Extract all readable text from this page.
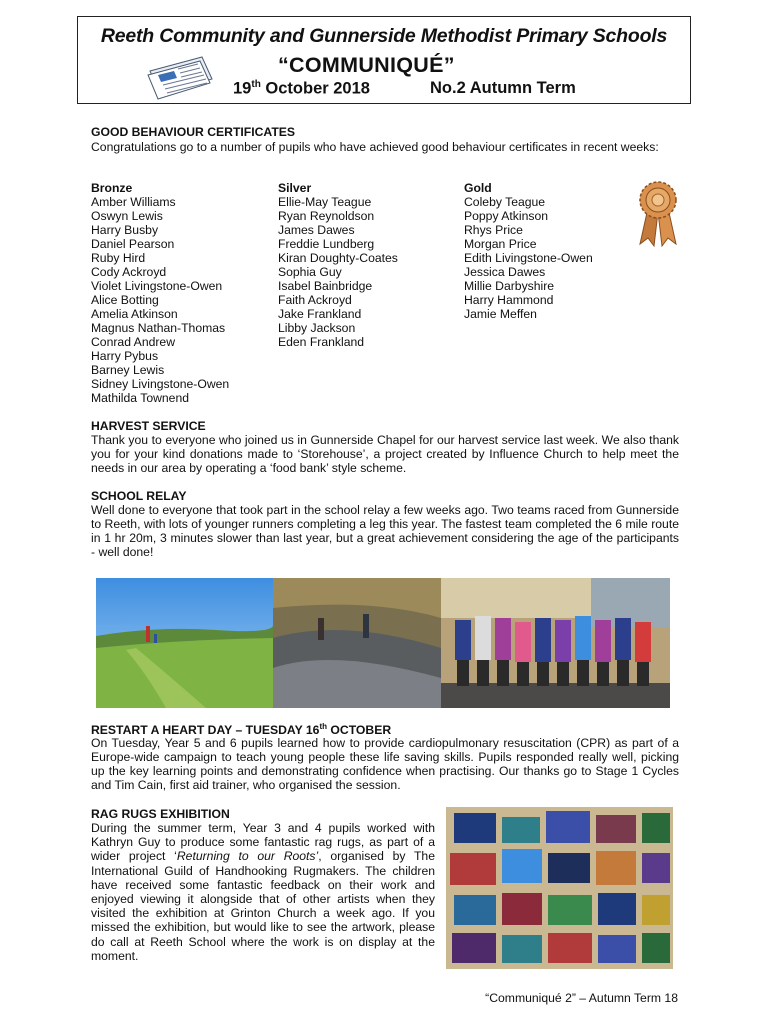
Reeth Community and Gunnerside Methodist Primary Schools
“COMMUNIQUÉ”
19th October 2018	No.2 Autumn Term
GOOD BEHAVIOUR CERTIFICATES

Congratulations go to a number of pupils who have achieved good behaviour certificates in recent weeks:

Bronze
Amber Williams
Oswyn Lewis
Harry Busby
Daniel Pearson
Ruby Hird
Cody Ackroyd
Violet Livingstone-Owen
Alice Botting
Amelia Atkinson
Magnus Nathan-Thomas
Conrad Andrew
Harry Pybus
Barney Lewis
Sidney Livingstone-Owen
Mathilda Townend
Silver
Ellie-May Teague
Ryan Reynoldson
James Dawes
Freddie Lundberg
Kiran Doughty-Coates
Sophia Guy
Isabel Bainbridge
Faith Ackroyd
Jake Frankland
Libby Jackson
Eden Frankland
Gold
Coleby Teague
Poppy Atkinson
Rhys Price
Morgan Price
Edith Livingstone-Owen
Jessica Dawes
Millie Darbyshire
Harry Hammond
Jamie Meffen
HARVEST SERVICE

Thank you to everyone who joined us in Gunnerside Chapel for our harvest service last week. We also thank you for your kind donations made to ‘Storehouse’, a project created by Influence Church to help meet the needs in our area by operating a ‘food bank’ style scheme.

SCHOOL RELAY

Well done to everyone that took part in the school relay a few weeks ago. Two teams raced from Gunnerside to Reeth, with lots of younger runners completing a leg this year. The fastest team completed the 6 mile route in 1 hr 20m, 3 minutes slower than last year, but a great achievement considering the age of the participants - well done!

RESTART A HEART DAY – TUESDAY 16th OCTOBER

On Tuesday, Year 5 and 6 pupils learned how to provide cardiopulmonary resuscitation (CPR) as part of a Europe-wide campaign to teach young people these life saving skills. Pupils responded really well, picking up the key learning points and demonstrating confidence when practising. Our thanks go to Stage 1 Cycles and Tim Cain, first aid trainer, who organised the session.

RAG RUGS EXHIBITION

During the summer term, Year 3 and 4 pupils worked with Kathryn Guy to produce some fantastic rag rugs, as part of a wider project ‘Returning to our Roots’, organised by The International Guild of Handhooking Rugmakers. The children have received some fantastic feedback on their work and enjoyed viewing it alongside that of other artists when they visited the exhibition at Grinton Church a week ago. If you missed the exhibition, but would like to see the artwork, please do call at Reeth School where the work is on display at the moment.

“Communiqué 2” – Autumn Term 18
